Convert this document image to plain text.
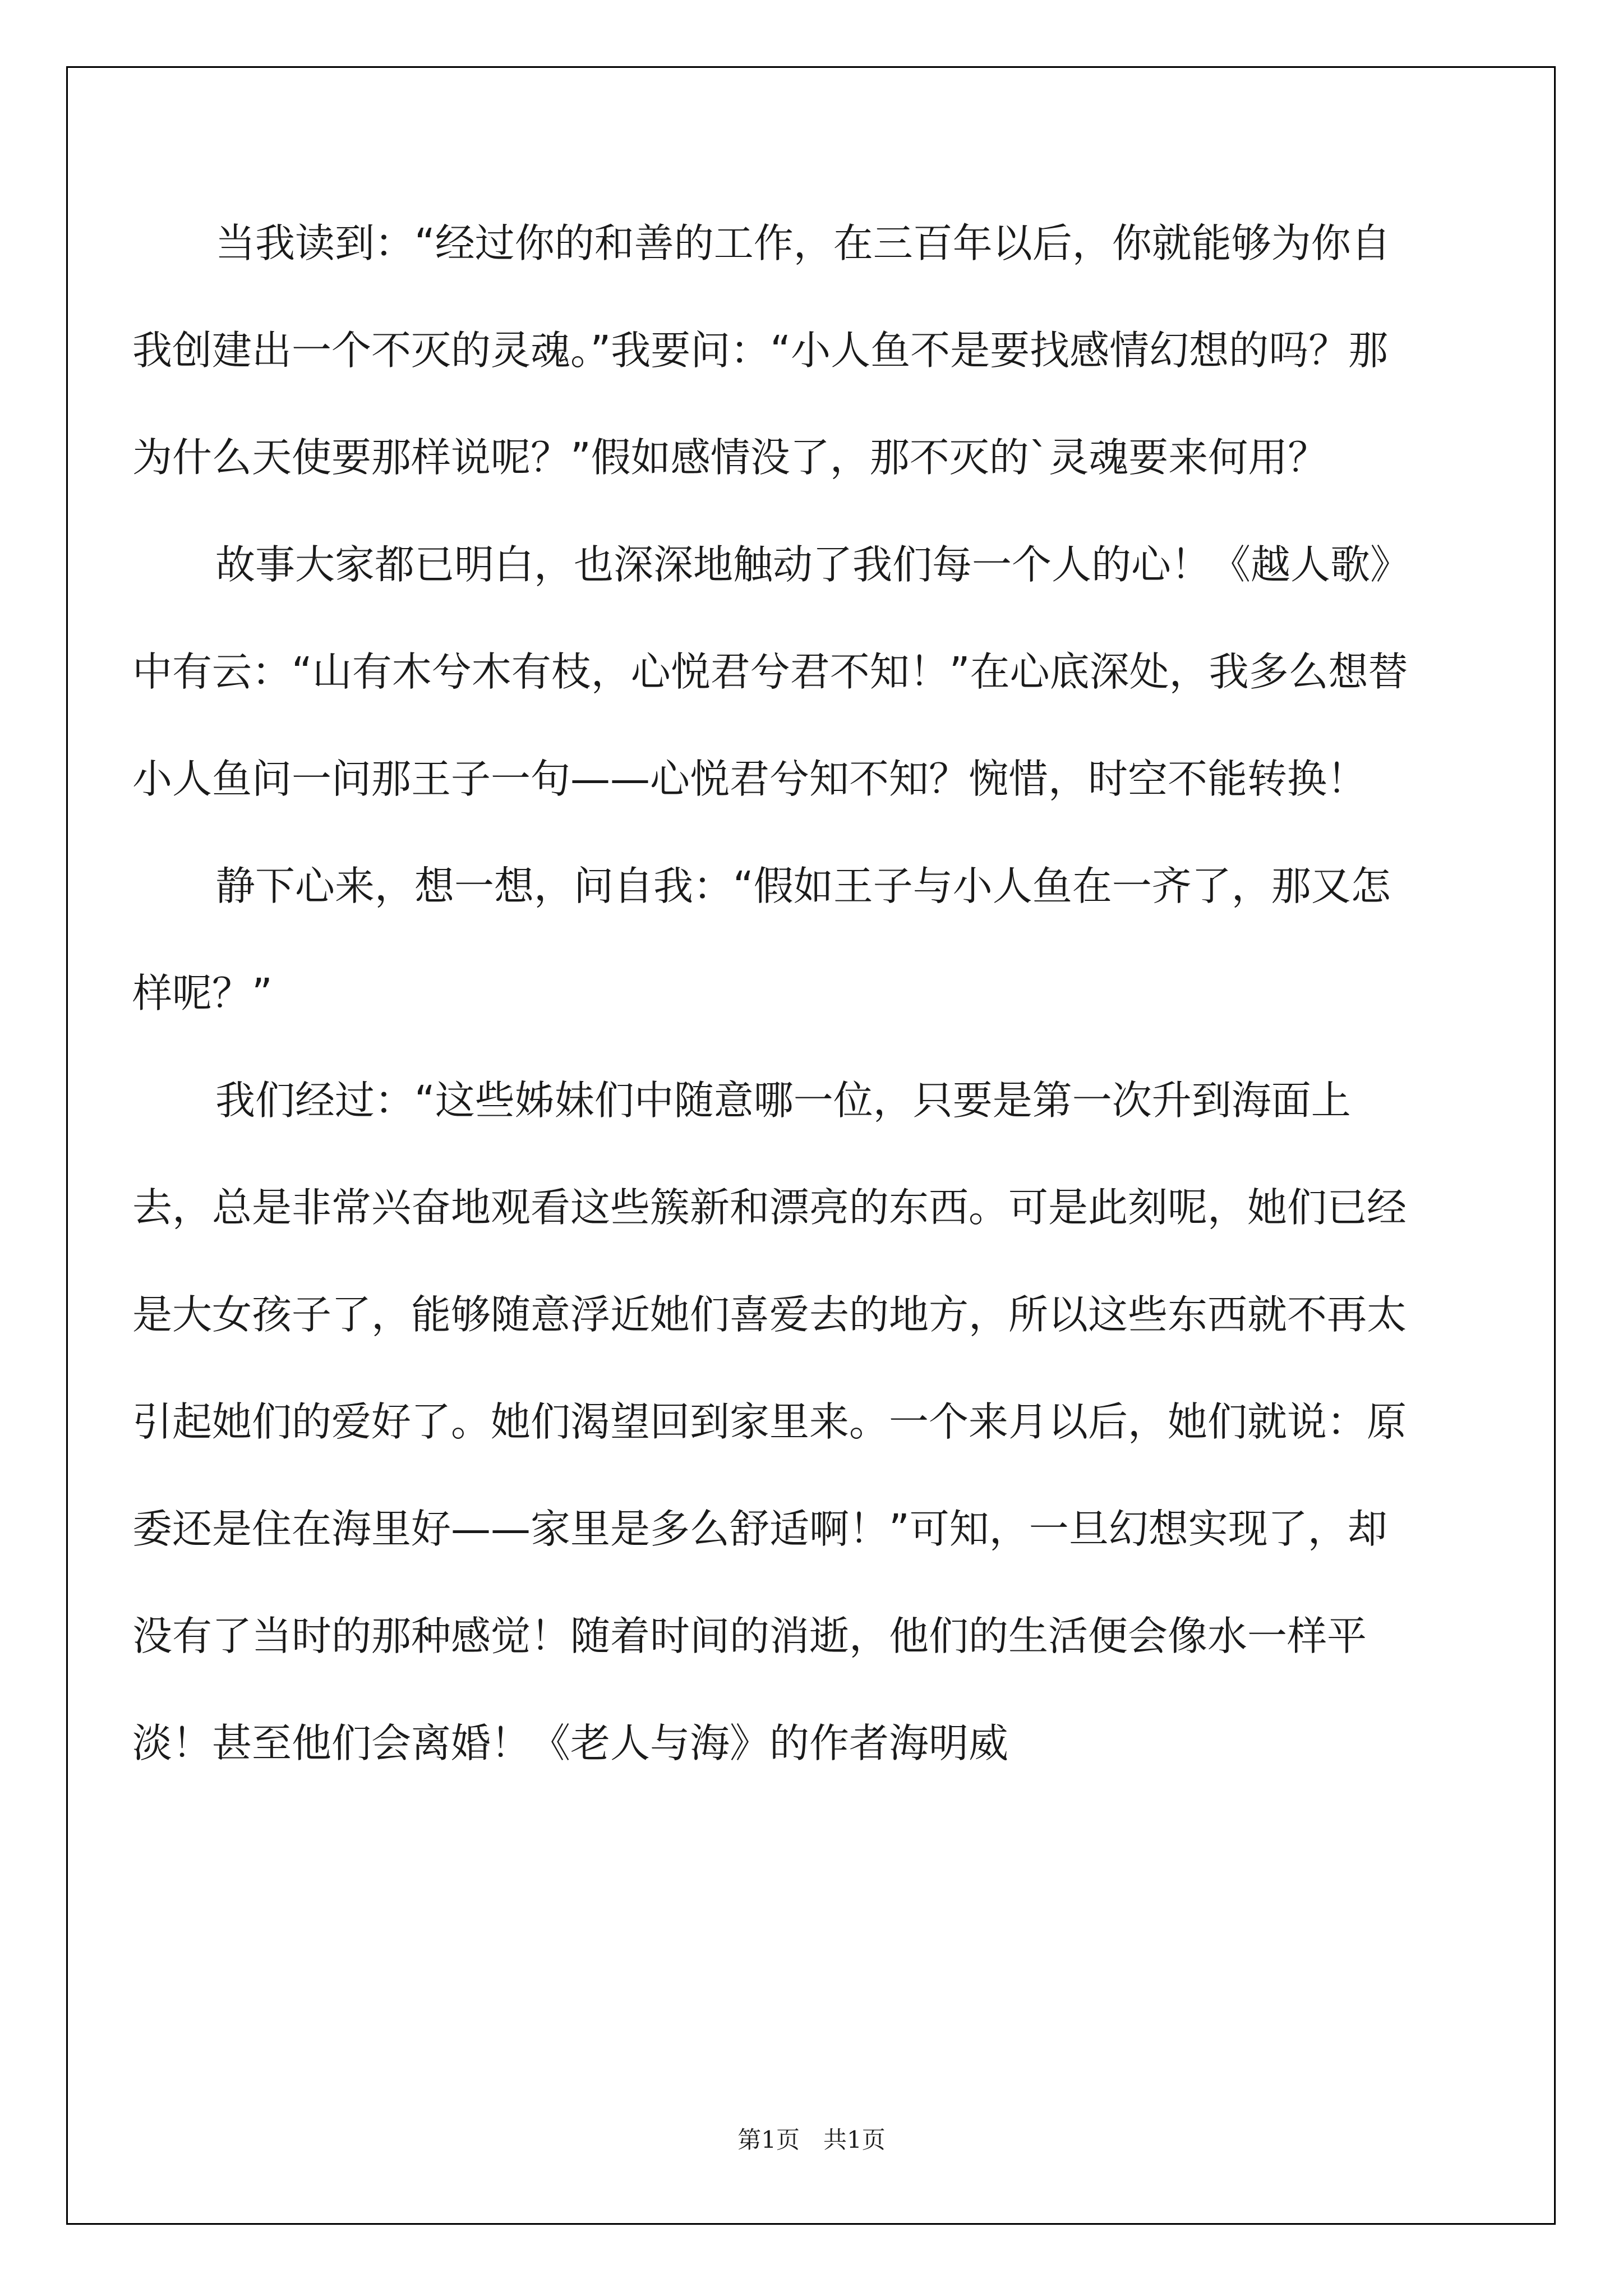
当我读到：“经过你的和善的工作，在三百年以后，你就能够为你自我创建出一个不灭的灵魂。”我要问：“小人鱼不是要找感情幻想的吗？那为什么天使要那样说呢？”假如感情没了，那不灭的`灵魂要来何用？

故事大家都已明白，也深深地触动了我们每一个人的心！《越人歌》中有云：“山有木兮木有枝，心悦君兮君不知！”在心底深处，我多么想替小人鱼问一问那王子一句——心悦君兮知不知？惋惜，时空不能转换！

静下心来，想一想，问自我：“假如王子与小人鱼在一齐了，那又怎样呢？”

我们经过：“这些姊妹们中随意哪一位，只要是第一次升到海面上去，总是非常兴奋地观看这些簇新和漂亮的东西。可是此刻呢，她们已经是大女孩子了，能够随意浮近她们喜爱去的地方，所以这些东西就不再太引起她们的爱好了。她们渴望回到家里来。一个来月以后，她们就说：原委还是住在海里好——家里是多么舒适啊！”可知，一旦幻想实现了，却没有了当时的那种感觉！随着时间的消逝，他们的生活便会像水一样平淡！甚至他们会离婚！《老人与海》的作者海明威

第1页 共1页
